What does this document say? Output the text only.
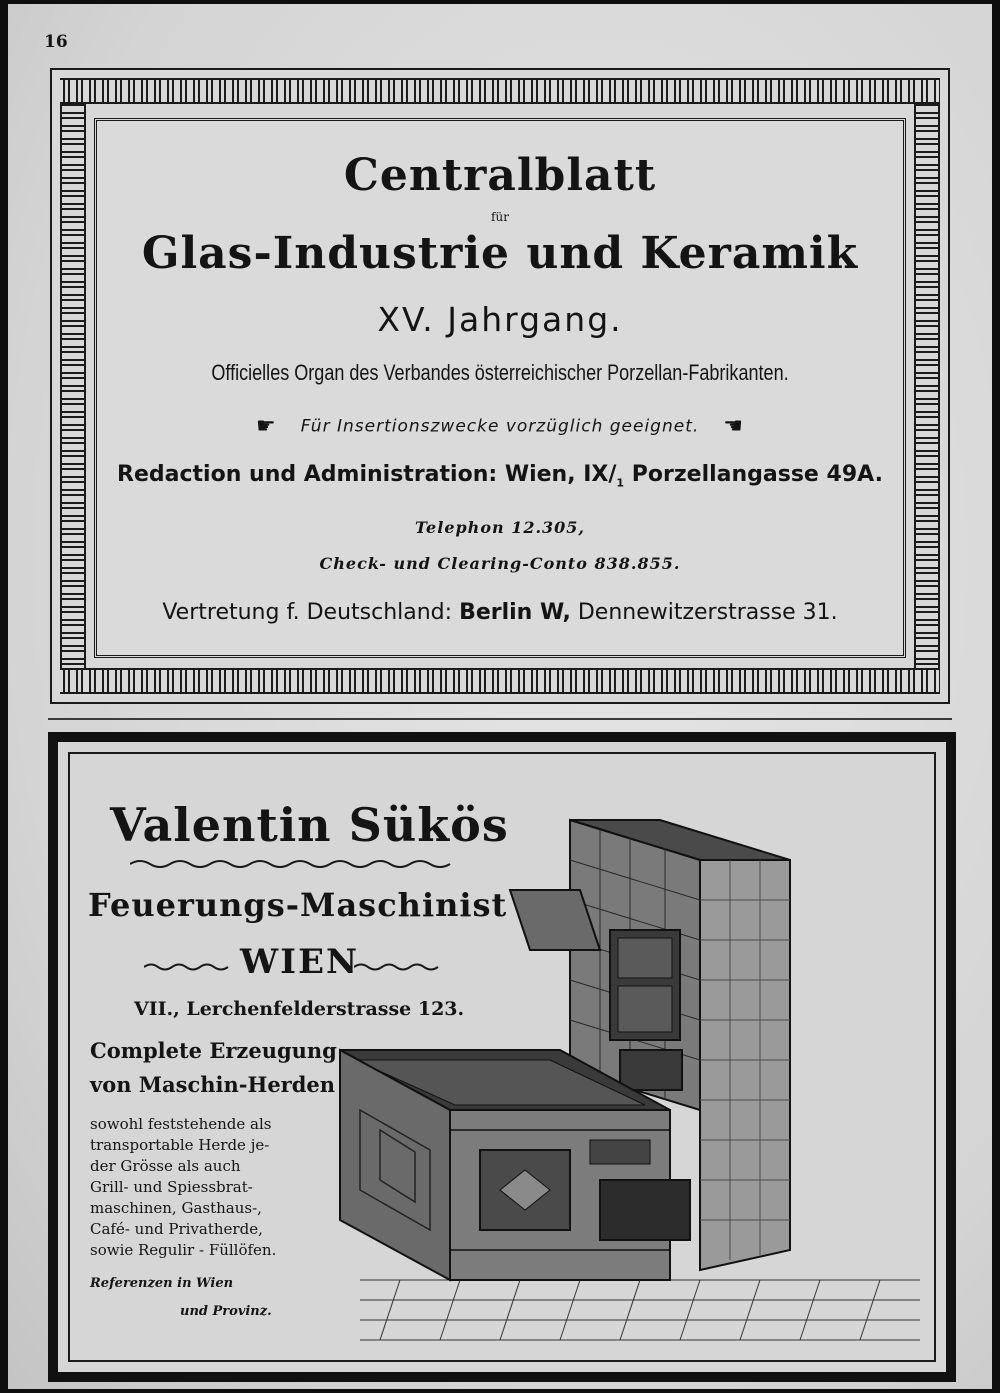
16
Centralblatt
für
Glas-Industrie und Keramik
XV. Jahrgang.
Officielles Organ des Verbandes österreichischer Porzellan-Fabrikanten.
☛ Für Insertionszwecke vorzüglich geeignet. ☚
Redaction und Administration: Wien, $IX/_1$ Porzellangasse 49A.
Telephon 12.305,
Check- und Clearing-Conto 838.855.
Vertretung f. Deutschland: Berlin W, Dennewitzerstrasse 31.
Valentin Sükös
Feuerungs-Maschinist
WIEN
VII., Lerchenfelderstrasse 123.
Complete Erzeugung
von Maschin-Herden
sowohl feststehende als
transportable Herde je-
der Grösse als auch
Grill- und Spiessbrat-
maschinen, Gasthaus-,
Café- und Privatherde,
sowie Regulir - Füllöfen.
Referenzen in Wien
und Provinz.
